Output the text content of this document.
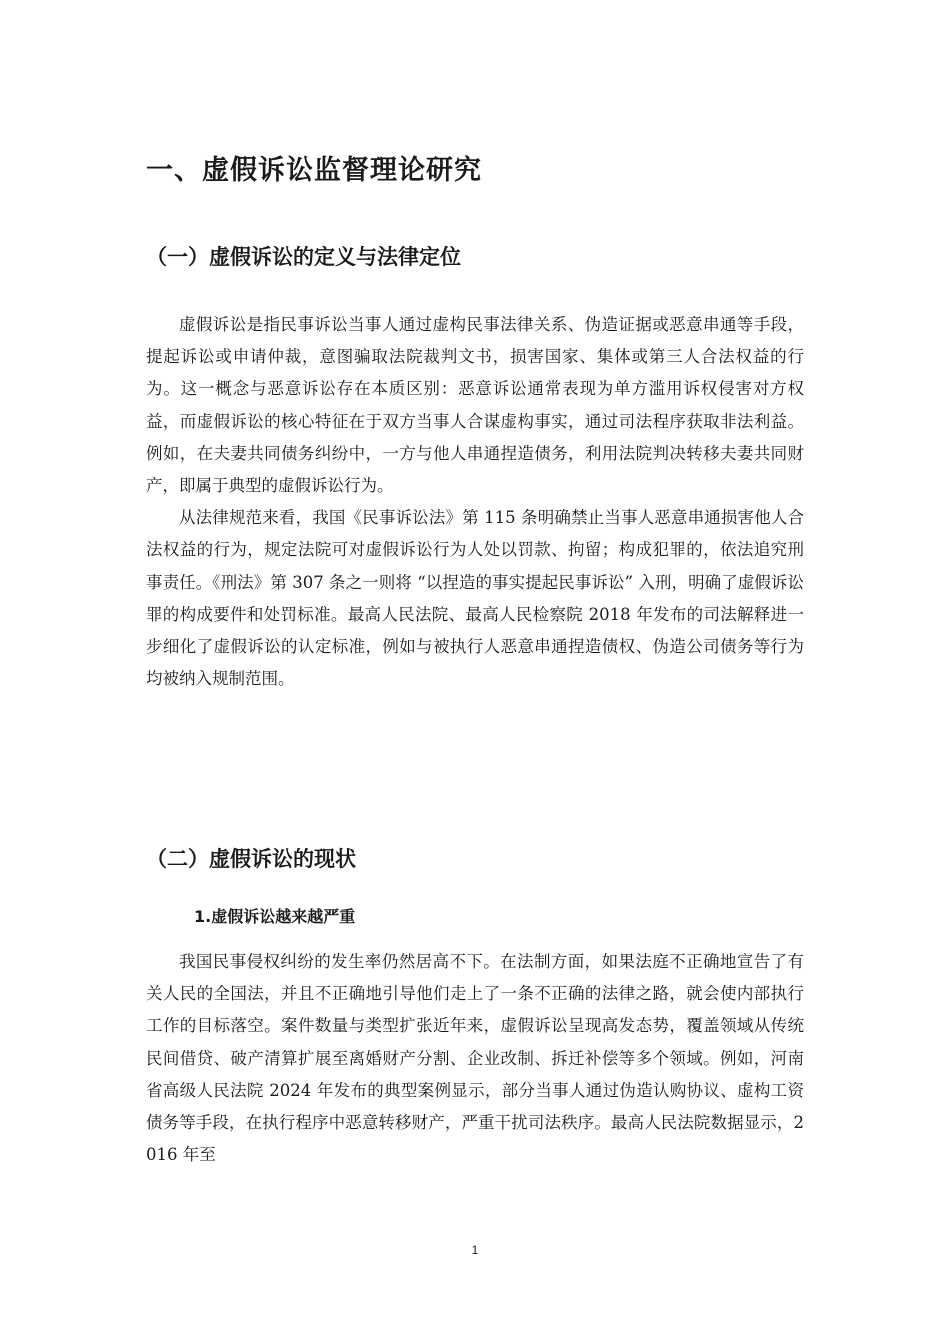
一、虚假诉讼监督理论研究
（一）虚假诉讼的定义与法律定位

虚假诉讼是指民事诉讼当事人通过虚构民事法律关系、伪造证据或恶意串通等手段，提起诉讼或申请仲裁，意图骗取法院裁判文书，损害国家、集体或第三人合法权益的行为。这一概念与恶意诉讼存在本质区别：恶意诉讼通常表现为单方滥用诉权侵害对方权益，而虚假诉讼的核心特征在于双方当事人合谋虚构事实，通过司法程序获取非法利益。例如，在夫妻共同债务纠纷中，一方与他人串通捏造债务，利用法院判决转移夫妻共同财产，即属于典型的虚假诉讼行为。

从法律规范来看，我国《民事诉讼法》第 115 条明确禁止当事人恶意串通损害他人合法权益的行为，规定法院可对虚假诉讼行为人处以罚款、拘留；构成犯罪的，依法追究刑事责任。《刑法》第 307 条之一则将 “以捏造的事实提起民事诉讼” 入刑，明确了虚假诉讼罪的构成要件和处罚标准。最高人民法院、最高人民检察院 2018 年发布的司法解释进一步细化了虚假诉讼的认定标准，例如与被执行人恶意串通捏造债权、伪造公司债务等行为均被纳入规制范围。

（二）虚假诉讼的现状
1.虚假诉讼越来越严重

我国民事侵权纠纷的发生率仍然居高不下。在法制方面，如果法庭不正确地宣告了有关人民的全国法，并且不正确地引导他们走上了一条不正确的法律之路，就会使内部执行工作的目标落空。案件数量与类型扩张近年来，虚假诉讼呈现高发态势，覆盖领域从传统民间借贷、破产清算扩展至离婚财产分割、企业改制、拆迁补偿等多个领域。例如，河南省高级人民法院 2024 年发布的典型案例显示，部分当事人通过伪造认购协议、虚构工资债务等手段，在执行程序中恶意转移财产，严重干扰司法秩序。最高人民法院数据显示，2016 年至

1
